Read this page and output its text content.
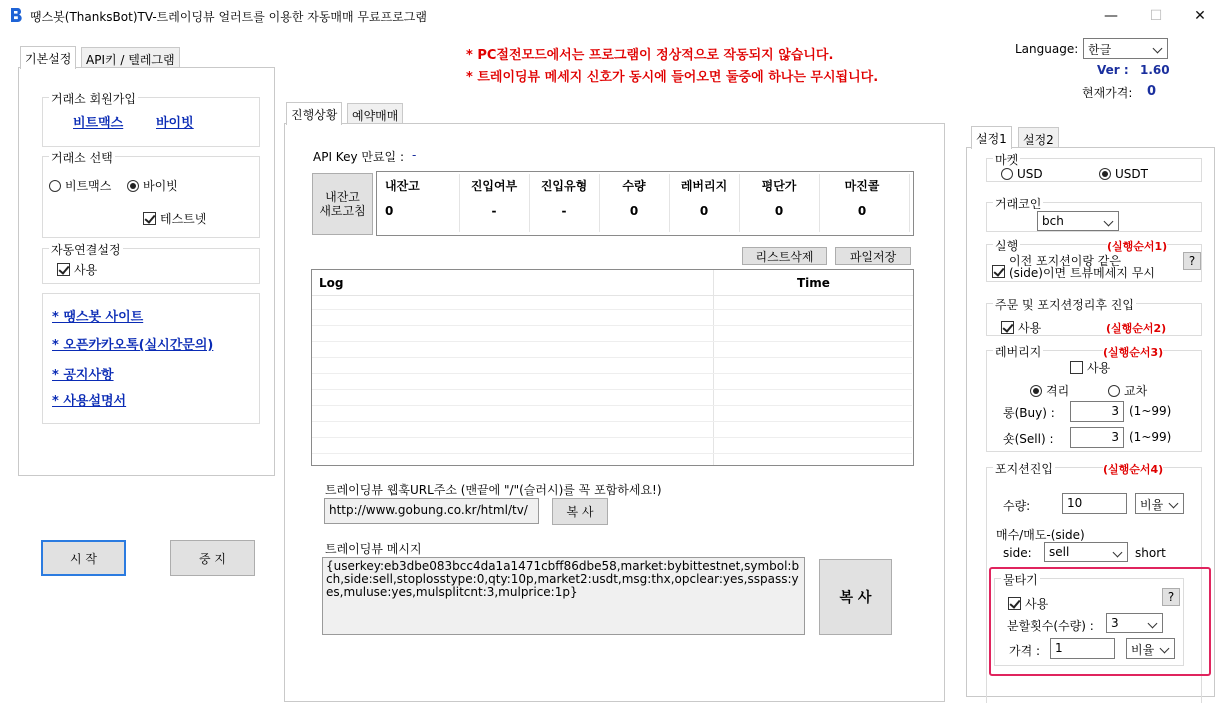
땡스봇(ThanksBot)TV-트레이딩뷰 얼러트를 이용한 자동매매 무료프로그램	—	☐	✕
* PC절전모드에서는 프로그램이 정상적으로 작동되지 않습니다.
* 트레이딩뷰 메세지 신호가 동시에 들어오면 둘중에 하나는 무시됩니다.
Language: 한글
Ver : 1.60
현재가격: 0
기본설정	API키 / 텔레그램
거래소 회원가입
비트맥스	바이빗
거래소 선택
비트맥스	바이빗
테스트넷
자동연결설정
사용
* 땡스봇 사이트
* 오픈카카오톡(실시간문의)
* 공지사항
* 사용설명서
시 작	중 지
진행상황	예약매매
API Key 만료일 : -
내잔고
새로고침
내잔고	진입여부	진입유형	수량	레버리지	평단가	마진콜
0	-	-	0	0	0	0
리스트삭제	파일저장
Log	Time
트레이딩뷰 웹훅URL주소 (맨끝에 "/"(슬러시)를 꼭 포함하세요!)
http://www.gobung.co.kr/html/tv/	복 사
트레이딩뷰 메시지
{userkey:eb3dbe083bcc4da1a1471cbff86dbe58,market:bybittestnet,symbol:bch,side:sell,stoplosstype:0,qty:10p,market2:usdt,msg:thx,opclear:yes,sspass:yes,muluse:yes,mulsplitcnt:3,mulprice:1p}	복 사
설정1	설정2
마켓
USD	USDT
거래코인
bch
실행	(실행순서1)
이전 포지션이랑 같은
(side)이면 트뷰메세지 무시
?
주문 및 포지션정리후 진입
사용	(실행순서2)
레버리지	(실행순서3)
사용
격리	교차
롱(Buy) :	3 (1~99)
숏(Sell) :	3 (1~99)
포지션진입	(실행순서4)
수량:	10	비율
매수/매도-(side)
side:	sell	short
물타기
사용	?
분할횟수(수량) :	3
가격 :	1	비율
